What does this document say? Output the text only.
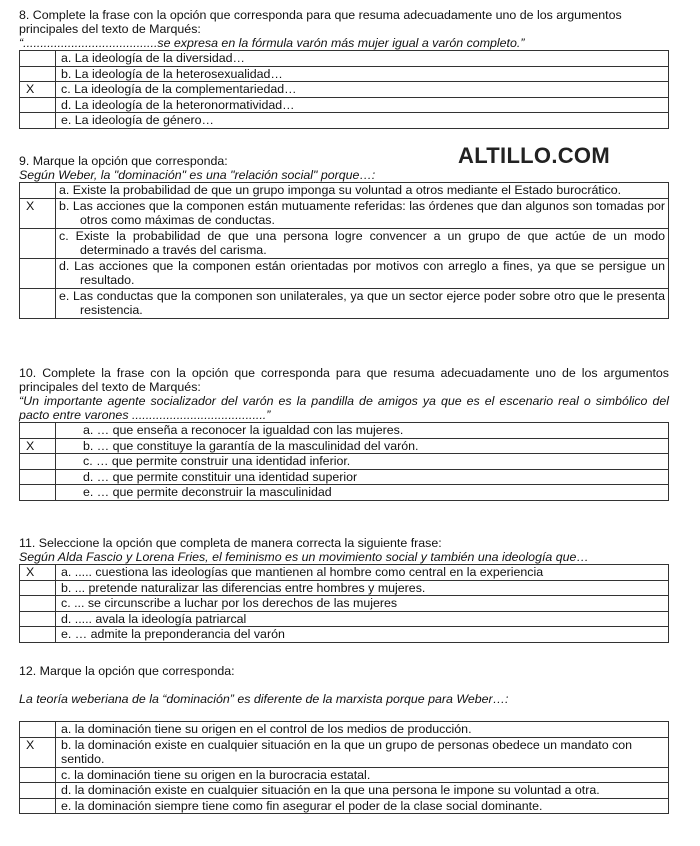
8. Complete la frase con la opción que corresponda para que resuma adecuadamente uno de los argumentos principales del texto de Marqués:
“.......................................se expresa en la fórmula varón más mujer igual a varón completo.”
	a. La ideología de la diversidad…
	b. La ideología de la heterosexualidad…
X	c. La ideología de la complementariedad…
	d. La ideología de la heteronormatividad…
	e. La ideología de género…
ALTILLO.COM
9. Marque la opción que corresponda:
Según Weber, la "dominación" es una "relación social" porque…:
	a. Existe la probabilidad de que un grupo imponga su voluntad a otros mediante el Estado burocrático.
X	b. Las acciones que la componen están mutuamente referidas: las órdenes que dan algunos son tomadas por otros como máximas de conductas.
	c. Existe la probabilidad de que una persona logre convencer a un grupo de que actúe de un modo determinado a través del carisma.
	d. Las acciones que la componen están orientadas por motivos con arreglo a fines, ya que se persigue un resultado.
	e. Las conductas que la componen son unilaterales, ya que un sector ejerce poder sobre otro que le presenta resistencia.
10. Complete la frase con la opción que corresponda para que resuma adecuadamente uno de los argumentos principales del texto de Marqués:
“Un importante agente socializador del varón es la pandilla de amigos ya que es el escenario real o simbólico del pacto entre varones .......................................”
	a. … que enseña a reconocer la igualdad con las mujeres.
X	b. … que constituye la garantía de la masculinidad del varón.
	c. … que permite construir una identidad inferior.
	d. … que permite constituir una identidad superior
	e. … que permite deconstruir la masculinidad
11. Seleccione la opción que completa de manera correcta la siguiente frase:
Según Alda Fascio y Lorena Fries, el feminismo es un movimiento social y también una ideología que…
X	a. ..... cuestiona las ideologías que mantienen al hombre como central en la experiencia
	b. ... pretende naturalizar las diferencias entre hombres y mujeres.
	c. ... se circunscribe a luchar por los derechos de las mujeres
	d. ..... avala la ideología patriarcal
	e. … admite la preponderancia del varón
12. Marque la opción que corresponda:
La teoría weberiana de la “dominación” es diferente de la marxista porque para Weber…:
	a. la dominación tiene su origen en el control de los medios de producción.
X	b. la dominación existe en cualquier situación en la que un grupo de personas obedece un mandato con sentido.
	c. la dominación tiene su origen en la burocracia estatal.
	d. la dominación existe en cualquier situación en la que una persona le impone su voluntad a otra.
	e. la dominación siempre tiene como fin asegurar el poder de la clase social dominante.
